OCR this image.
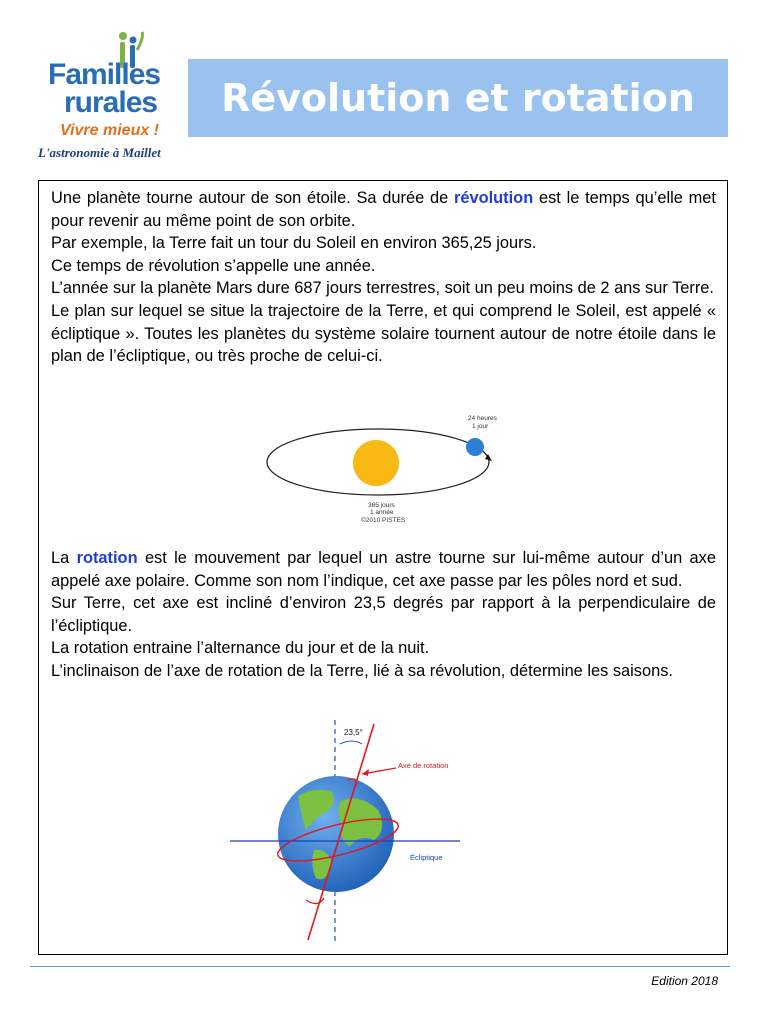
Familles
rurales
Vivre mieux !
L'astronomie à Maillet
Révolution et rotation

Une planète tourne autour de son étoile. Sa durée de révolution est le temps qu’elle met pour revenir au même point de son orbite.

Par exemple, la Terre fait un tour du Soleil en environ 365,25 jours.

Ce temps de révolution s’appelle une année.

L’année sur la planète Mars dure 687 jours terrestres, soit un peu moins de 2 ans sur Terre.

Le plan sur lequel se situe la trajectoire de la Terre, et qui comprend le Soleil, est appelé « écliptique ». Toutes les planètes du système solaire tournent autour de notre étoile dans le plan de l’écliptique, ou très proche de celui-ci.

24 heures
1 jour
365 jours
1 année
©2010 PISTES

La rotation est le mouvement par lequel un astre tourne sur lui-même autour d’un axe appelé axe polaire. Comme son nom l’indique, cet axe passe par les pôles nord et sud.

Sur Terre, cet axe est incliné d’environ 23,5 degrés par rapport à la perpendiculaire de l’écliptique.

La rotation entraine l’alternance du jour et de la nuit.

L’inclinaison de l’axe de rotation de la Terre, lié à sa révolution, détermine les saisons.

23,5°
Axe de rotation
Écliptique
Edition 2018
